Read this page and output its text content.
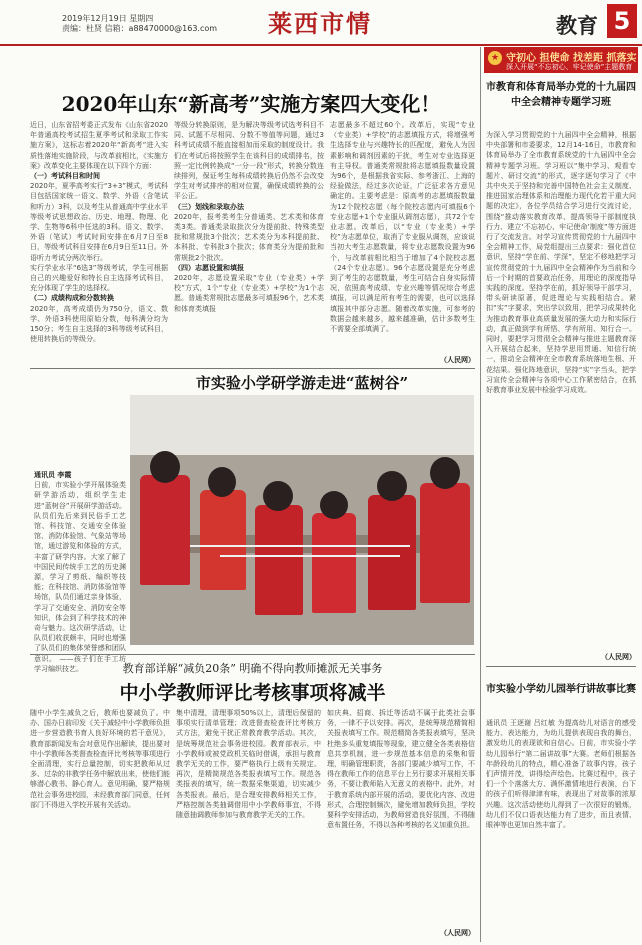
2019年12月19日 星期四
责编：杜贤 信箱：a88470000@163.com 莱西市情	教育 5
2020年山东“新高考”实施方案四大变化！
近日，山东省招考委正式发布《山东省2020年普通高校考试招生夏季考试和录取工作实施方案》，这标志着2020年“新高考”进入实质性落地实施阶段，与改革前相比，《实施方案》改革变化主要体现在以下四个方面：
（一）考试科目和时间
2020年，夏季高考实行“3+3”模式，考试科目包括国家统一语文、数学、外语（含笔试和听力）3科，以及考生从普通高中学业水平等级考试思想政治、历史、地理、物理、化学、生物等6科中任选的3科。语文、数学、外语（笔试）考试时间安排在6月7日至8日，等级考试科目安排在6月9日至11日。外语听力考试分两次举行。
实行学业水平“6选3”等级考试，学生可根据自己的兴趣爱好和特长自主选择考试科目，充分体现了学生的选择权。
（二）成绩构成和分数转换
2020年，高考成绩仍为750分，语文、数学、外语3科使用原始分数，每科满分均为150分；考生自主选择的3科等级考试科目，使用转换后的等级分。
等级分转换原则，是为解决等级考试选考科目不同、试题不尽相同、分数不等值等问题，通过3科考试成绩不能直接相加而采取的制度设计。我们在考试后将按照学生在该科目的成绩排名，按照一定比例转换成“一分一段”形式，转换分数连续排列，保证考生每科成绩转换后仍然不会改变学生对考试排序的相对位置，确保成绩转换的公平公正。
（三）划线和录取办法
2020年，报考类考生分普通类、艺术类和体育类3类。普通类录取批次分为提前批、特殊类型批和常规批3个批次；艺术类分为本科提前批、本科批、专科批3个批次；体育类分为提前批和常规批2个批次。
（四）志愿设置和填报
2020年，志愿设置采取“专业（专业类）+学校”方式，1个“专业（专业类）+学校”为1个志愿。普通类常规批志愿最多可填报96个，艺术类和体育类填报
志愿最多不超过60个。改革后，实现“专业（专业类）+学校”的志愿填报方式，将增强考生选择专业与兴趣特长的匹配度，避免人为因素影响和调剂因素的干扰，考生对专业选择更有主导权。普通类常规批将志愿填报数量设置为96个，是根据我省实际、参考浙江、上海的经验做法，经过多次论证，广泛征求各方意见确定的。主要考虑是：原高考的志愿填报数量为12个院校志愿（每个院校志愿内可填报6个专业志愿+1个专业服从调剂志愿），共72个专业志愿。改革后，以“专业（专业类）+学校”为志愿单位，取消了专业服从调剂，应该说当初大考生志愿数量，将专业志愿数设置为96个，与改革前相比相当于增加了4个院校志愿（24个专业志愿）。96个志愿设置是充分考虑到了考生的志愿数量，考生可结合自身实际情况，依照高考成绩、专业兴趣等情况综合考虑填报，可以满足所有考生的需要，也可以选择填报其中部分志愿。随着改革实施，可参考的数据会越来越多，越来越准确，估计多数考生不需要全部填满了。
（人民网）
市实验小学研学游走进“蓝树谷”
通讯员 李霞
日前，市实验小学开展体验类研学游活动，组织学生走进“蓝树谷”开展研学游活动。队员们先后来到民俗手工艺馆、科技馆、交通安全体验馆、消防体验馆、气象站等场馆，通过游览和体验的方式，丰富了研学内容。大家了解了中国民间传统手工艺的历史渊源，学习了剪纸、编织等技能；在科技馆、消防体验馆等场馆，队员们通过亲身体验，学习了交通安全、消防安全等知识，体会到了科学技术的神奇与魅力。这次研学活动，让队员们收获颇丰，同时也增强了队员们的集体荣誉感和团队意识。 ——孩子们在手工坊学习编织技艺。	教育部详解“减负20条” 明确不得向教师摊派无关事务
中小学教师评比考核事项将减半
随中小学生减负之后，教师也要减负了。中办、国办日前印发《关于减轻中小学教师负担进一步营造教书育人良好环境的若干意见》，教育部新闻发布会对意见作出解读，提出要对中小学教师各类督查检查评比考核等事项进行全面清理，实行总量控制，切实把教师从过多、过杂的非教学任务中解放出来，使他们能够潜心教书、静心育人。意见明确，要严格规范社会事务进校园，未经教育部门同意，任何部门不得进入学校开展有关活动。
集中清理，清理事项50%以上，清理后保留的事项实行清单管理；改进督查检查评比考核方式方法，避免干扰正常教育教学活动。其次，是统筹规范社会事务进校园。教育部表示，中小学教师或被党政机关临时借调，承担与教育教学无关的工作，要严格执行上级有关规定。再次，是精简规范各类报表填写工作。规范各类报表的填写，统一数据采集渠道，切实减少各类报表。最后，是合理安排教师相关工作，严格控制各类抽调借用中小学教师事宜，不得随意抽调教师参加与教育教学无关的工作。
如庆典、招商、拆迁等活动不属于此类社会事务，一律不予以安排。再次，是统筹规范精简相关报表填写工作。规范精简各类报表填写，坚决杜绝多头重复填报等现象，建立健全各类表格信息共享机制，进一步规范基本信息的采集和管理，明确管理职责，各部门要减少填写工作，不得在教师工作的信息平台上另行要求开展相关事务，不要让教师陷入无意义的表格中。此外，对于教育系统内部开展的活动，要优化内容、改进形式，合理控制频次，避免增加教师负担，学校要科学安排活动，为教师营造良好氛围，不得随意布置任务，不得以各种考核的名义加重负担。
（人民网）
★ 守初心 担使命 找差距 抓落实
深入开展“不忘初心、牢记使命”主题教育
市教育和体育局举办党的十九届四中全会精神专题学习班
为深入学习贯彻党的十九届四中全会精神，根据中央部署和市委要求，12月14-16日，市教育和体育局举办了全市教育系统党的十九届四中全会精神专题学习班。学习班以“集中学习、观看专题片、研讨交流”的形式，逐字逐句学习了《中共中央关于坚持和完善中国特色社会主义制度、推进国家治理体系和治理能力现代化若干重大问题的决定》，各位学员结合学习进行交流讨论，围绕“推动落实教育改革、提高领导干部制度执行力、建立‘不忘初心、牢记使命’制度”等方面进行了交流发言。对学习宣传贯彻党的十九届四中全会精神工作，局党组提出三点要求：强化首位意识，坚持“学在前、学深”，坚定不移地把学习宣传贯彻党的十九届四中全会精神作为当前和今后一个时期的首要政治任务，用理论的深度指导实践的深度。坚持学在前，抓好领导干部学习，带头研读原著，促进理论与实践相结合。紧扣“实”字要求，突出学以致用，把学习成果转化为推动教育事业高质量发展的强大动力和实际行动，真正做到学有所悟、学有所用、知行合一。同时，要把学习贯彻全会精神与推进主题教育深入开展结合起来，坚持学思用贯通、知信行统一，推动全会精神在全市教育系统落地生根、开花结果。强化阵地意识，坚持“实”字当头，把学习宣传全会精神与各项中心工作紧密结合，在抓好教育事业发展中检验学习成效。
（人民网）
市实验小学幼儿园举行讲故事比赛
通讯员 王逐谢 吕红敏 为提高幼儿对语言的感受能力、表达能力，为幼儿提供表现自我的舞台，激发幼儿的表现欲和自信心。日前，市实验小学幼儿园举行“第二届讲故事”大赛。老师们根据各年龄段幼儿的特点，精心准备了故事内容，孩子们声情并茂，讲得绘声绘色。比赛过程中，孩子们一个个落落大方、满怀激情地进行表演，台下的孩子们听得津津有味，表现出了对故事的浓厚兴趣。这次活动使幼儿得到了一次很好的锻炼，幼儿们不仅口语表达能力有了进步，而且表情、眼神等也更加自然丰富了。
